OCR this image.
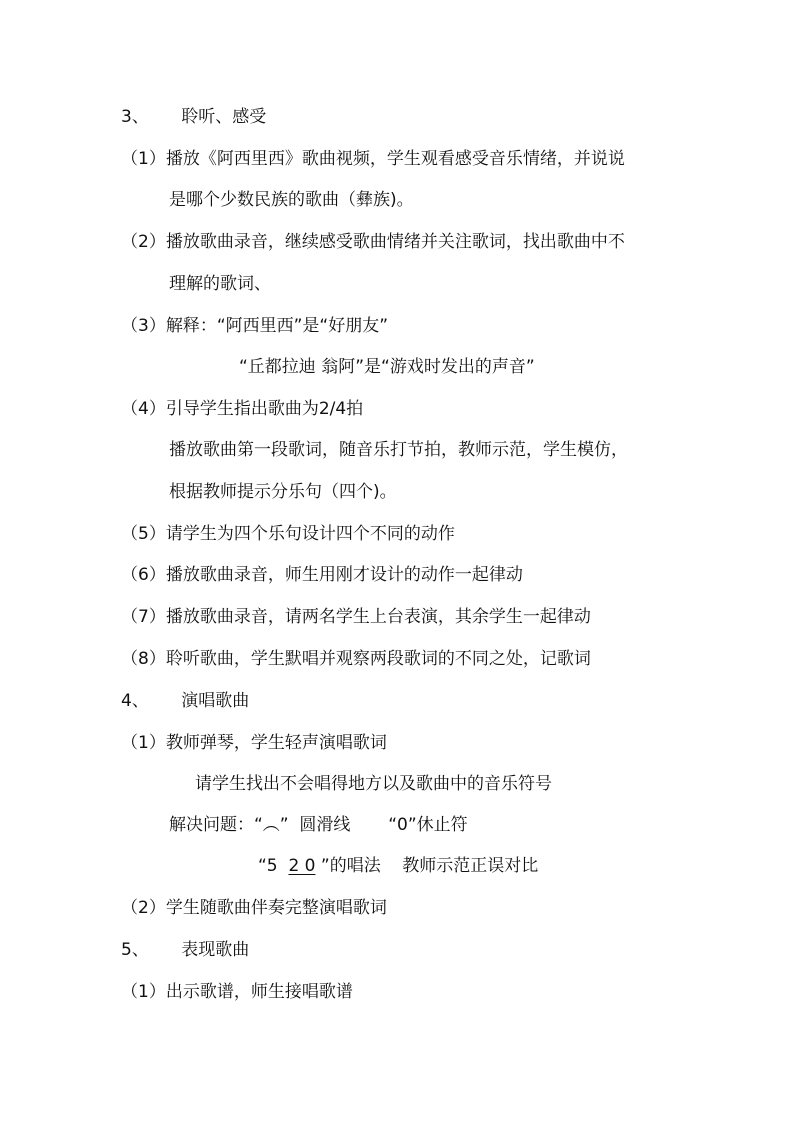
3、      聆听、感受
（1）播放《阿西里西》歌曲视频，学生观看感受音乐情绪，并说说
是哪个少数民族的歌曲（彝族)。
（2）播放歌曲录音，继续感受歌曲情绪并关注歌词，找出歌曲中不
理解的歌词、
（3）解释：“阿西里西”是“好朋友”
“丘都拉迪 翁阿”是“游戏时发出的声音”
（4）引导学生指出歌曲为2/4拍
播放歌曲第一段歌词，随音乐打节拍，教师示范，学生模仿，
根据教师提示分乐句（四个)。
（5）请学生为四个乐句设计四个不同的动作
（6）播放歌曲录音，师生用刚才设计的动作一起律动
（7）播放歌曲录音，请两名学生上台表演，其余学生一起律动
（8）聆听歌曲，学生默唱并观察两段歌词的不同之处，记歌词
4、      演唱歌曲
（1）教师弹琴，学生轻声演唱歌词
请学生找出不会唱得地方以及歌曲中的音乐符号
解决问题：“︵”  圆滑线       “0”休止符
“5  2 0 ”的唱法    教师示范正误对比
（2）学生随歌曲伴奏完整演唱歌词
5、      表现歌曲
（1）出示歌谱，师生接唱歌谱
